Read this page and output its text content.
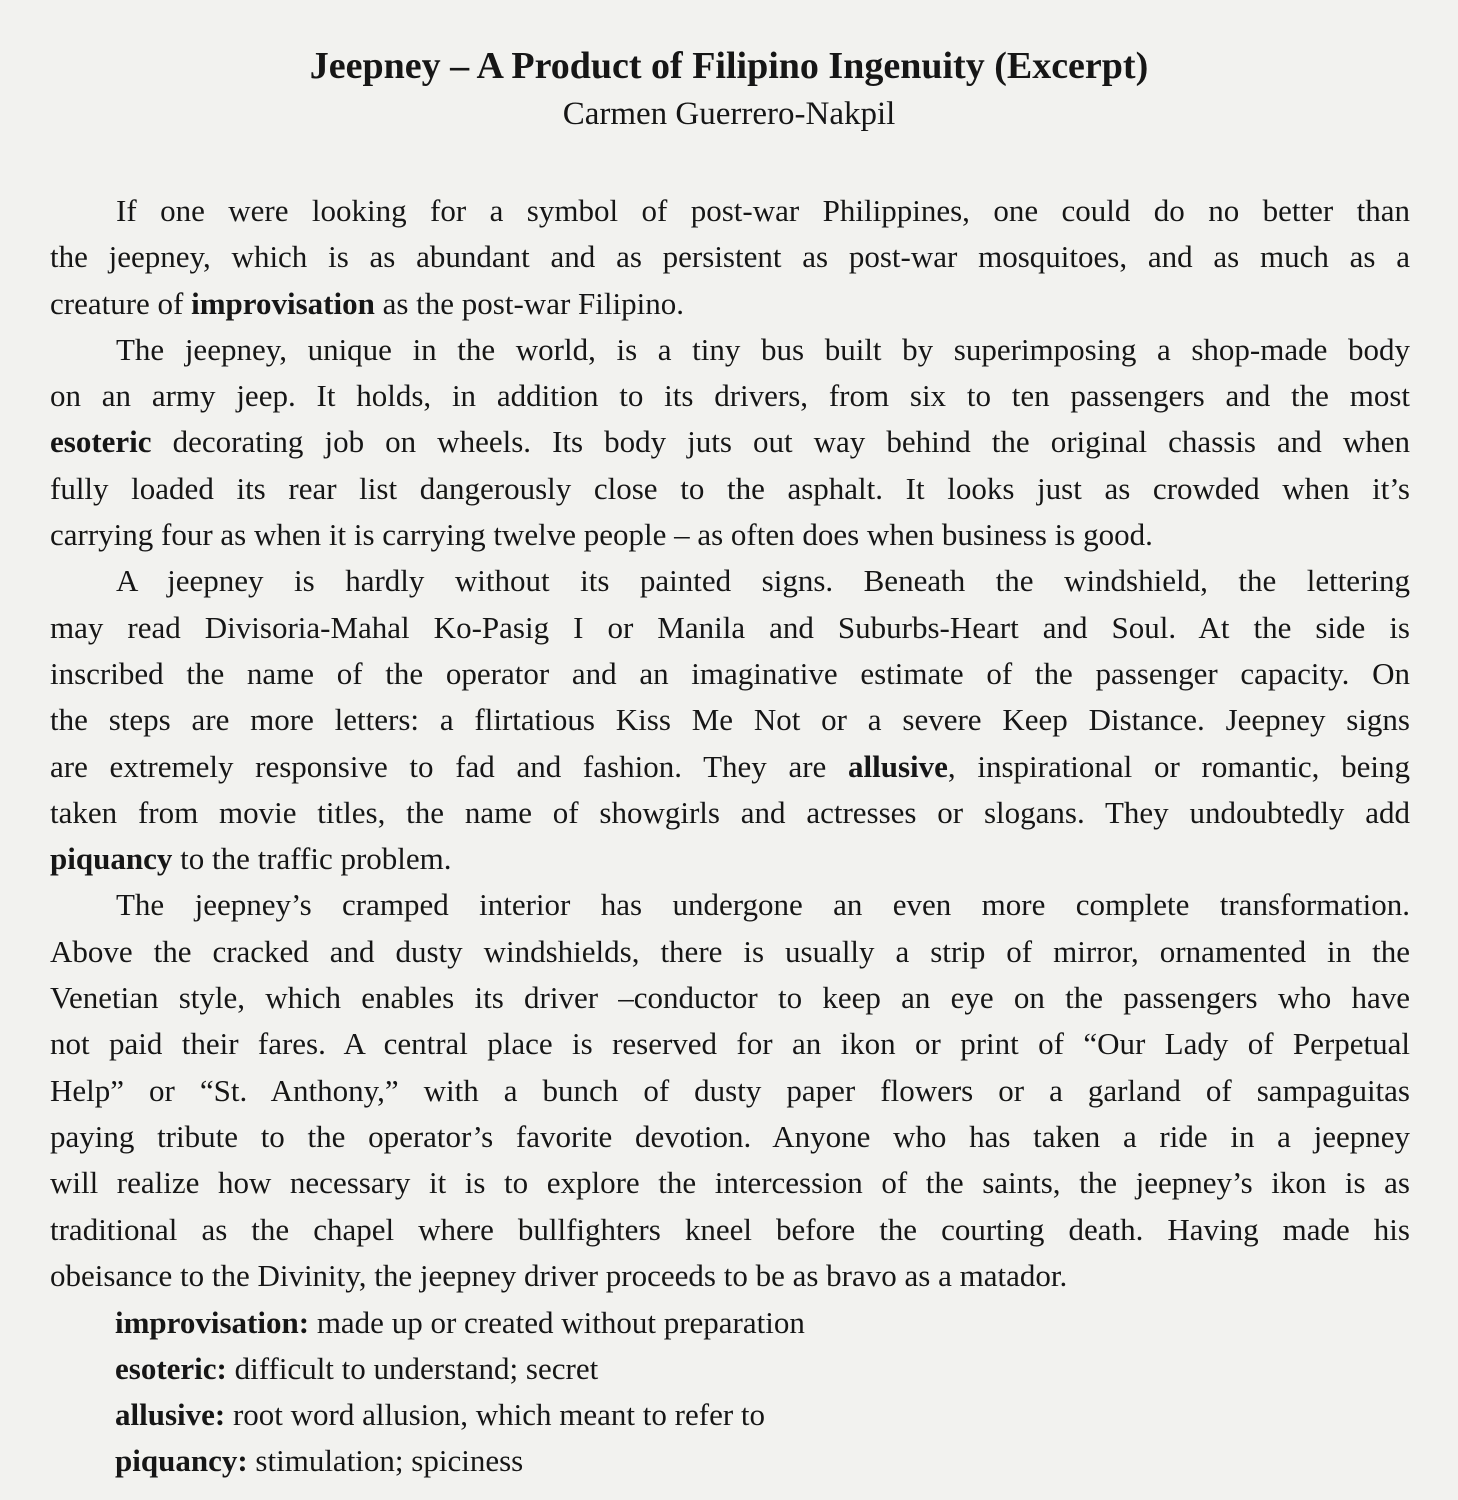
Jeepney – A Product of Filipino Ingenuity (Excerpt)
Carmen Guerrero-Nakpil
If one were looking for a symbol of post-war Philippines, one could do no better than
the jeepney, which is as abundant and as persistent as post-war mosquitoes, and as much as a
creature of improvisation as the post-war Filipino.
The jeepney, unique in the world, is a tiny bus built by superimposing a shop-made body
on an army jeep. It holds, in addition to its drivers, from six to ten passengers and the most
esoteric decorating job on wheels. Its body juts out way behind the original chassis and when
fully loaded its rear list dangerously close to the asphalt. It looks just as crowded when it’s
carrying four as when it is carrying twelve people – as often does when business is good.
A jeepney is hardly without its painted signs. Beneath the windshield, the lettering
may read Divisoria-Mahal Ko-Pasig I or Manila and Suburbs-Heart and Soul. At the side is
inscribed the name of the operator and an imaginative estimate of the passenger capacity. On
the steps are more letters: a flirtatious Kiss Me Not or a severe Keep Distance. Jeepney signs
are extremely responsive to fad and fashion. They are allusive, inspirational or romantic, being
taken from movie titles, the name of showgirls and actresses or slogans. They undoubtedly add
piquancy to the traffic problem.
The jeepney’s cramped interior has undergone an even more complete transformation.
Above the cracked and dusty windshields, there is usually a strip of mirror, ornamented in the
Venetian style, which enables its driver –conductor to keep an eye on the passengers who have
not paid their fares. A central place is reserved for an ikon or print of “Our Lady of Perpetual
Help” or “St. Anthony,” with a bunch of dusty paper flowers or a garland of sampaguitas
paying tribute to the operator’s favorite devotion. Anyone who has taken a ride in a jeepney
will realize how necessary it is to explore the intercession of the saints, the jeepney’s ikon is as
traditional as the chapel where bullfighters kneel before the courting death. Having made his
obeisance to the Divinity, the jeepney driver proceeds to be as bravo as a matador.
improvisation: made up or created without preparation
esoteric: difficult to understand; secret
allusive: root word allusion, which meant to refer to
piquancy: stimulation; spiciness
